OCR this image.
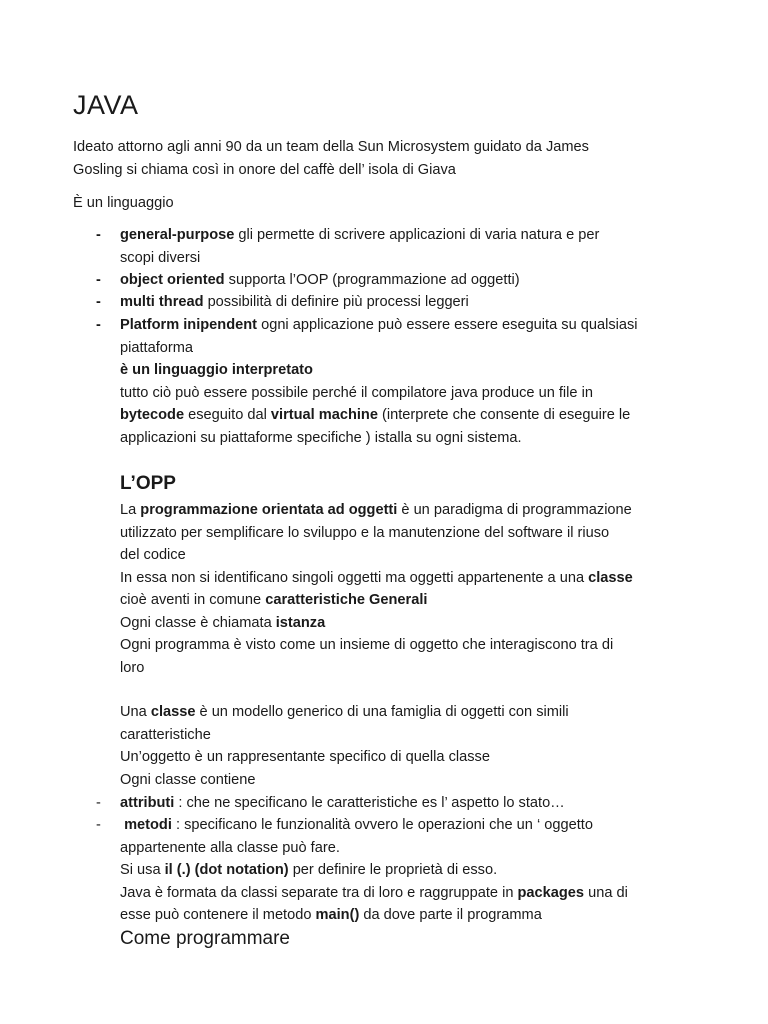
JAVA

Ideato attorno agli anni 90 da un team della Sun Microsystem guidato da James
Gosling si chiama così in onore del caffè dell’ isola di Giava

È un linguaggio

- general-purpose gli permette di scrivere applicazioni di varia natura e per
scopi diversi

- object oriented supporta l’OOP (programmazione ad oggetti)

- multi thread possibilità di definire più processi leggeri

- Platform inipendent ogni applicazione può essere essere eseguita su qualsiasi
piattaforma

è un linguaggio interpretato
tutto ciò può essere possibile perché il compilatore java produce un file in
bytecode eseguito dal virtual machine (interprete che consente di eseguire le
applicazioni su piattaforme specifiche ) istalla su ogni sistema.

L’OPP

La programmazione orientata ad oggetti è un paradigma di programmazione
utilizzato per semplificare lo sviluppo e la manutenzione del software il riuso
del codice
In essa non si identificano singoli oggetti ma oggetti appartenente a una classe
cioè aventi in comune caratteristiche Generali
Ogni classe è chiamata istanza
Ogni programma è visto come un insieme di oggetto che interagiscono tra di
loro

Una classe è un modello generico di una famiglia di oggetti con simili
caratteristiche
Un’oggetto è un rappresentante specifico di quella classe
Ogni classe contiene

- attributi : che ne specificano le caratteristiche es l’ aspetto lo stato…

- metodi : specificano le funzionalità ovvero le operazioni che un ‘ oggetto
appartenente alla classe può fare.

Si usa il (.) (dot notation) per definire le proprietà di esso.
Java è formata da classi separate tra di loro e raggruppate in packages una di
esse può contenere il metodo main() da dove parte il programma

Come programmare
